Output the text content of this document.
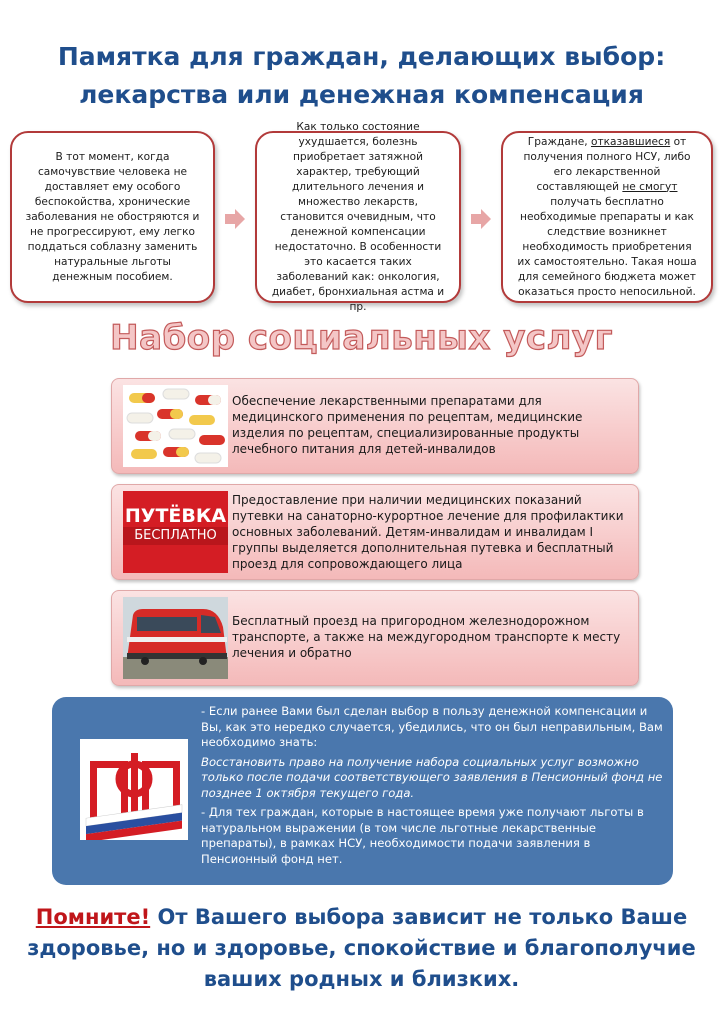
Памятка для граждан, делающих выбор:
лекарства или денежная компенсация
В тот момент, когда самочувствие человека не доставляет ему особого беспокойства, хронические заболевания не обостряются и не прогрессируют, ему легко поддаться соблазну заменить натуральные льготы денежным пособием.
Как только состояние ухудшается, болезнь приобретает затяжной характер, требующий длительного лечения и множество лекарств, становится очевидным, что денежной компенсации недостаточно. В особенности это касается таких заболеваний как: онкология, диабет, бронхиальная астма и пр.
Граждане, отказавшиеся от получения полного НСУ, либо его лекарственной составляющей не смогут получать бесплатно необходимые препараты и как следствие возникнет необходимость приобретения их самостоятельно. Такая ноша для семейного бюджета может оказаться просто непосильной.
Набор социальных услуг
Обеспечение лекарственными препаратами для медицинского применения по рецептам, медицинские изделия по рецептам, специализированные продукты лечебного питания для детей-инвалидов
ПУТЁВКА
БЕСПЛАТНО
Предоставление при наличии медицинских показаний путевки на санаторно-курортное лечение для профилактики основных заболеваний. Детям-инвалидам и инвалидам I группы выделяется дополнительная путевка и бесплатный проезд для сопровождающего лица
Бесплатный проезд на пригородном железнодорожном транспорте, а также на междугородном транспорте к месту лечения и обратно

- Если ранее Вами был сделан выбор в пользу денежной компенсации и Вы, как это нередко случается, убедились, что он был неправильным, Вам необходимо знать:

Восстановить право на получение набора социальных услуг возможно только после подачи соответствующего заявления в Пенсионный фонд не позднее 1 октября текущего года.

- Для тех граждан, которые в настоящее время уже получают льготы в натуральном выражении (в том числе льготные лекарственные препараты), в рамках НСУ, необходимости подачи заявления в Пенсионный фонд нет.

Помните! От Вашего выбора зависит не только Ваше
здоровье, но и здоровье, спокойствие и благополучие
ваших родных и близких.
